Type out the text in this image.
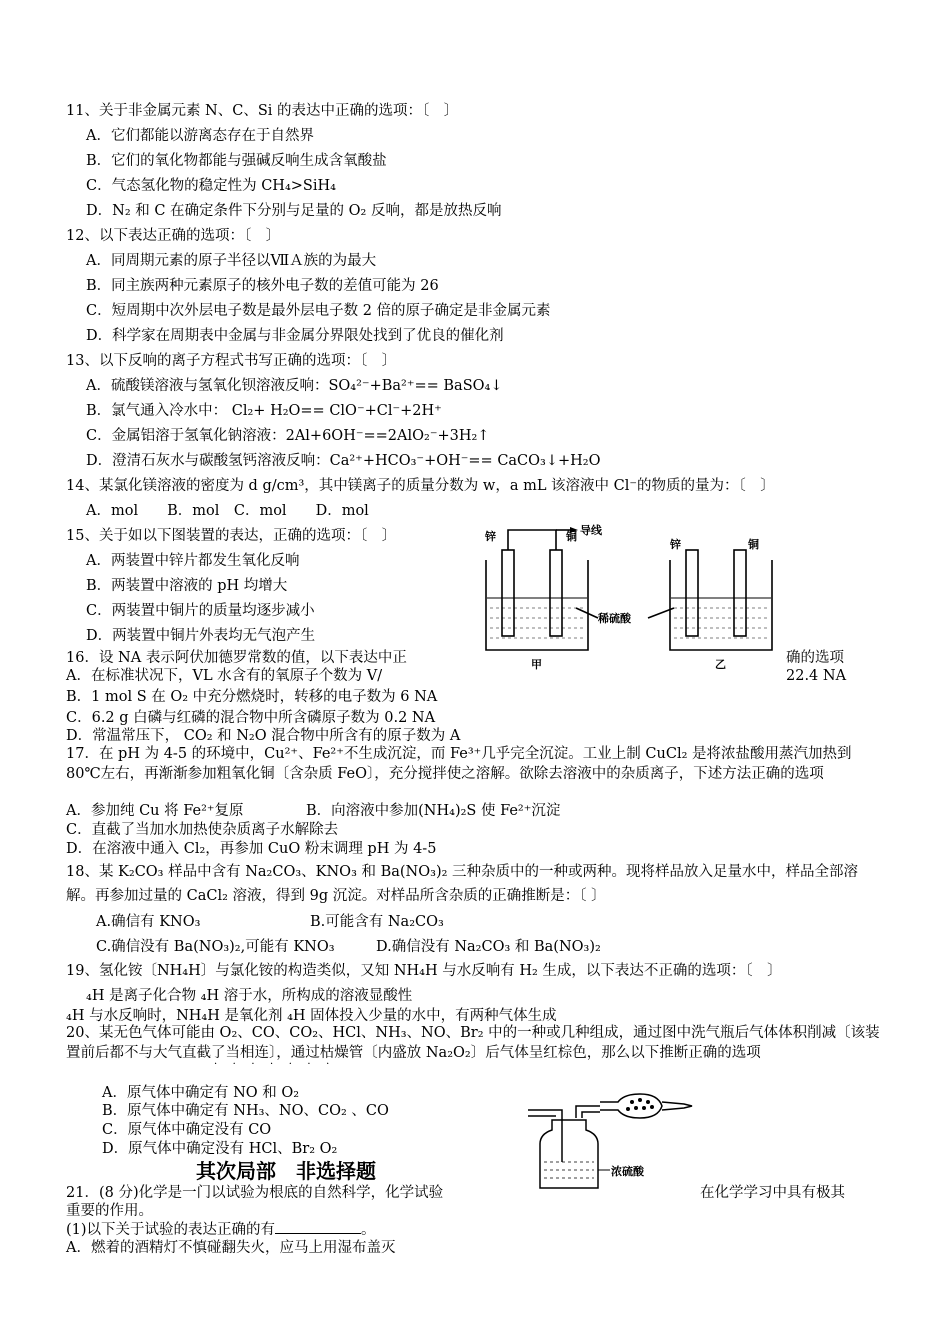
11、关于非金属元素 N、C、Si 的表达中正确的选项：〔　〕
A．它们都能以游离态存在于自然界
B．它们的氧化物都能与强碱反响生成含氧酸盐
C．气态氢化物的稳定性为 CH₄>SiH₄
D．N₂ 和 C 在确定条件下分别与足量的 O₂ 反响，都是放热反响
12、以下表达正确的选项：〔　〕
A．同周期元素的原子半径以ⅦＡ族的为最大
B．同主族两种元素原子的核外电子数的差值可能为 26
C．短周期中次外层电子数是最外层电子数 2 倍的原子确定是非金属元素
D．科学家在周期表中金属与非金属分界限处找到了优良的催化剂
13、以下反响的离子方程式书写正确的选项：〔　〕
A．硫酸镁溶液与氢氧化钡溶液反响：SO₄²⁻+Ba²⁺== BaSO₄↓
B．氯气通入冷水中： Cl₂+ H₂O== ClO⁻+Cl⁻+2H⁺
C．金属铝溶于氢氧化钠溶液：2Al+6OH⁻==2AlO₂⁻+3H₂↑
D．澄清石灰水与碳酸氢钙溶液反响：Ca²⁺+HCO₃⁻+OH⁻== CaCO₃↓+H₂O
14、某氯化镁溶液的密度为 d g/cm³，其中镁离子的质量分数为 w，a mL 该溶液中 Cl⁻的物质的量为：〔　〕
A．mol　　B．mol　C．mol　　D．mol
15、关于如以下图装置的表达，正确的选项：〔　〕
A．两装置中锌片都发生氧化反响
B．两装置中溶液的 pH 均增大
C．两装置中铜片的质量均逐步减小
D．两装置中铜片外表均无气泡产生
锌	铜 导线
稀硫酸
锌	铜
甲	乙
16．设 NA 表示阿伏加德罗常数的值，以下表达中正	确的选项
A．在标准状况下，VL 水含有的氧原子个数为 V/	22.4 NA
B．1 mol S 在 O₂ 中充分燃烧时，转移的电子数为 6 NA
C．6.2 g 白磷与红磷的混合物中所含磷原子数为 0.2 NA
D．常温常压下， CO₂ 和 N₂O 混合物中所含有的原子数为 A
17．在 pH 为 4-5 的环境中，Cu²⁺、Fe²⁺不生成沉淀，而 Fe³⁺几乎完全沉淀。工业上制 CuCl₂ 是将浓盐酸用蒸汽加热到 80℃左右，再渐渐参加粗氧化铜〔含杂质 FeO〕，充分搅拌使之溶解。欲除去溶液中的杂质离子，下述方法正确的选项
A．参加纯 Cu 将 Fe²⁺复原	B．向溶液中参加(NH₄)₂S 使 Fe²⁺沉淀
C．直截了当加水加热使杂质离子水解除去
D．在溶液中通入 Cl₂，再参加 CuO 粉末调理 pH 为 4-5
18、某 K₂CO₃ 样品中含有 Na₂CO₃、KNO₃ 和 Ba(NO₃)₂ 三种杂质中的一种或两种。现将样品放入足量水中，样品全部溶解。再参加过量的 CaCl₂ 溶液，得到 9g 沉淀。对样品所含杂质的正确推断是：〔 〕
A.确信有 KNO₃	B.可能含有 Na₂CO₃
C.确信没有 Ba(NO₃)₂,可能有 KNO₃	D.确信没有 Na₂CO₃ 和 Ba(NO₃)₂
19、氢化铵〔NH₄H〕与氯化铵的构造类似，又知 NH₄H 与水反响有 H₂ 生成，以下表达不正确的选项：〔　〕
₄H 是离子化合物 ₄H 溶于水，所构成的溶液显酸性
₄H 与水反响时，NH₄H 是氧化剂 ₄H 固体投入少量的水中，有两种气体生成
20、某无色气体可能由 O₂、CO、CO₂、HCl、NH₃、NO、Br₂ 中的一种或几种组成，通过图中洗气瓶后气体体积削减〔该装置前后都不与大气直截了当相连〕，通过枯燥管〔内盛放 Na₂O₂〕后气体呈红棕色，那么以下推断正确的选项
·······
A．原气体中确定有 NO 和 O₂
B．原气体中确定有 NH₃、NO、CO₂ 、CO
C．原气体中确定没有 CO
D．原气体中确定没有 HCl、Br₂ O₂
浓硫酸
其次局部　非选择题
21．(8 分)化学是一门以试验为根底的自然科学，化学试验	在化学学习中具有极其
重要的作用。
(1)以下关于试验的表达正确的有	。
A．燃着的酒精灯不慎碰翻失火，应马上用湿布盖灭
